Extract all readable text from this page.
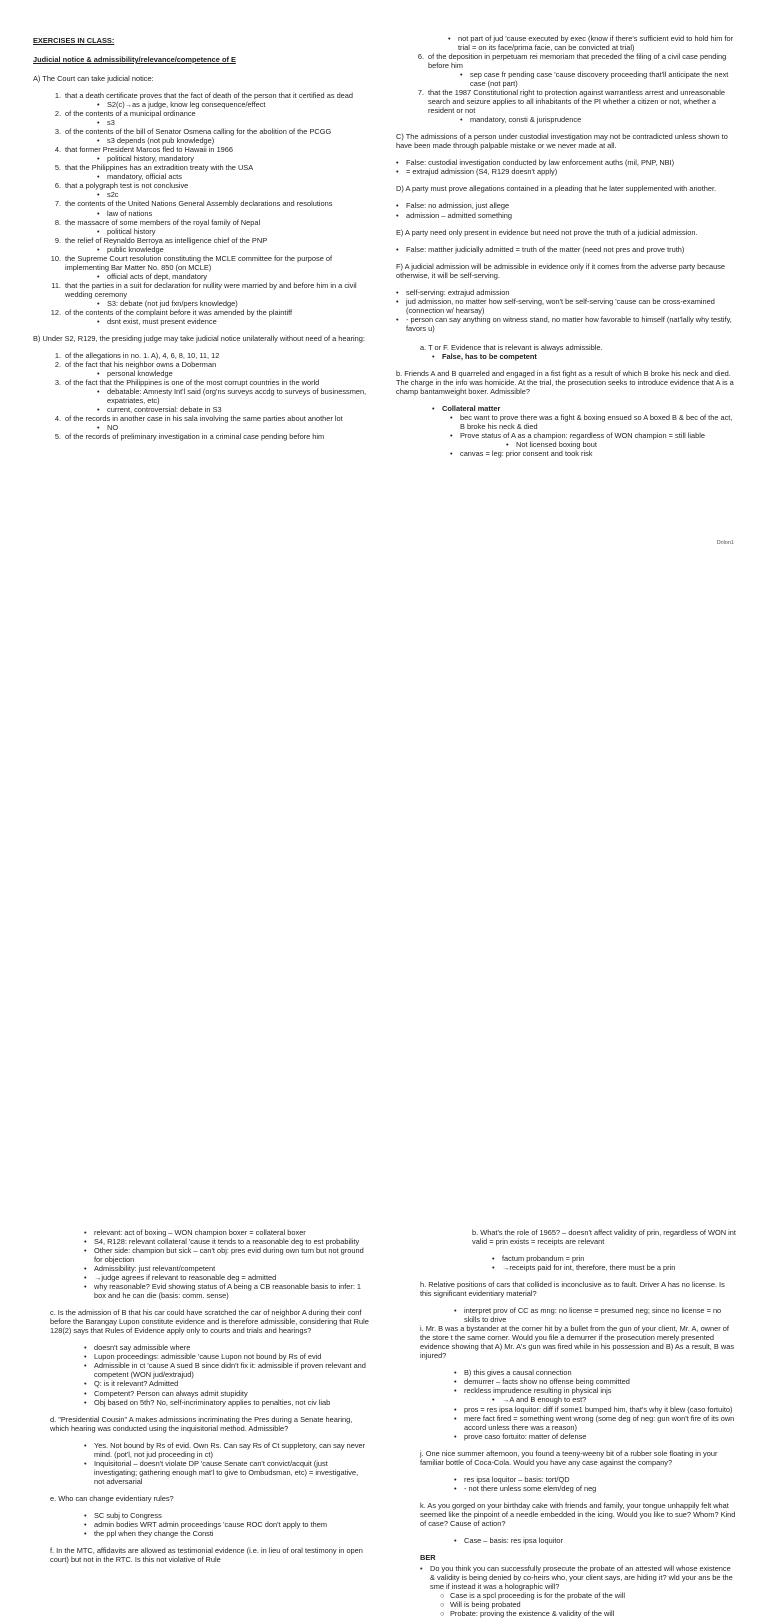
EXERCISES IN CLASS:
Judicial notice & admissibility/relevance/competence of E
A) The Court can take judicial notice:
1. that a death certificate proves that the fact of death of the person that it certified as dead
•	S2(c)→as a judge, know leg consequence/effect
2. of the contents of a municipal ordinance
•	s3
3. of the contents of the bill of Senator Osmena calling for the abolition of the PCGG
•	s3 depends (not pub knowledge)
4. that former President Marcos fled to Hawaii in 1966
•	political history, mandatory
5. that the Philippines has an extradition treaty with the USA
•	mandatory, official acts
6. that a polygraph test is not conclusive
•	s2c
7. the contents of the United Nations General Assembly declarations and resolutions
•	law of nations
8. the massacre of some members of the royal family of Nepal
•	political history
9. the relief of Reynaldo Berroya as intelligence chief of the PNP
•	public knowledge
10. the Supreme Court resolution constituting the MCLE committee for the purpose of implementing Bar Matter No. 850 (on MCLE)
•	official acts of dept, mandatory
11. that the parties in a suit for declaration for nullity were married by and before him in a civil wedding ceremony
•	S3: debate (not jud fxn/pers knowledge)
12. of the contents of the complaint before it was amended by the plaintiff
•	dsnt exist, must present evidence
B) Under S2, R129, the presiding judge may take judicial notice unilaterally without need of a hearing:
1. of the allegations in no. 1. A), 4, 6, 8, 10, 11, 12
2. of the fact that his neighbor owns a Doberman
•	personal knowledge
3. of the fact that the Philippines is one of the most corrupt countries in the world
•	debatable: Amnesty Int'l said (org'ns surveys accdg to surveys of businessmen, expatriates, etc)
•	current, controversial: debate in S3
4. of the records in another case in his sala involving the same parties about another lot
•	NO
5. of the records of preliminary investigation in a criminal case pending before him
•	not part of jud 'cause executed by exec (know if there's sufficient evid to hold him for trial = on its face/prima facie, can be convicted at trial)
6. of the deposition in perpetuam rei memoriam that preceded the filing of a civil case pending before him
•	sep case fr pending case 'cause discovery proceeding that'll anticipate the next case (not part)
7. that the 1987 Constitutional right to protection against warrantless arrest and unreasonable search and seizure applies to all inhabitants of the PI whether a citizen or not, whether a resident or not
•	mandatory, consti & jurisprudence
C) The admissions of a person under custodial investigation may not be contradicted unless shown to have been made through palpable mistake or we never made at all.
•	False: custodial investigation conducted by law enforcement auths (mil, PNP, NBI)
•	= extrajud admission (S4, R129 doesn't apply)
D) A party must prove allegations contained in a pleading that he later supplemented with another.
•	False: no admission, just allege
•	admission – admitted something
E) A party need only present in evidence but need not prove the truth of a judicial admission.
•	False: matther judicially admitted = truth of the matter (need not pres and prove truth)
F) A judicial admission will be admissible in evidence only if it comes from the adverse party because otherwise, it will be self-serving.
•	self-serving: extrajud admission
•	jud admission, no matter how self-serving, won't be self-serving 'cause can be cross-examined (connection w/ hearsay)
•	- person can say anything on witness stand, no matter how favorable to himself (nat'lally why testify, favors u)
a. T or F. Evidence that is relevant is always admissible.
•	False, has to be competent
b. Friends A and B quarreled and engaged in a fist fight as a result of which B broke his neck and died. The charge in the info was homicide. At the trial, the prosecution seeks to introduce evidence that A is a champ bantamweight boxer. Admissible?
•	Collateral matter
•	bec want to prove there was a fight & boxing ensued so A boxed B & bec of the act, B broke his neck & died
•	Prove status of A as a champion: regardless of WON champion = still liable
•	Not licensed boxing bout
•	canvas = leg: prior consent and took risk
Drilon1
•	relevant: act of boxing – WON champion boxer = collateral boxer
•	S4, R128: relevant collateral 'cause it tends to a reasonable deg to est probability
•	Other side: champion but sick – can't obj: pres evid during own turn but not ground for objection
•	Admissibility: just relevant/competent
•	→judge agrees if relevant to reasonable deg = admitted
•	why reasonable? Evid showing status of A being a CB reasonable basis to infer: 1 box and he can die (basis: comm. sense)
c. Is the admission of B that his car could have scratched the car of neighbor A during their conf before the Barangay Lupon constitute evidence and is therefore admissible, considering that Rule 128(2) says that Rules of Evidence apply only to courts and trials and hearings?
•	doesn't say admissible where
•	Lupon proceedings: admissible 'cause Lupon not bound by Rs of evid
•	Admissible in ct 'cause A sued B since didn't fix it: admissible if proven relevant and competent (WON jud/extrajud)
•	Q: is it relevant? Admitted
•	Competent? Person can always admit stupidity
•	Obj based on 5th? No, self-incriminatory applies to penalties, not civ liab
d. "Presidential Cousin" A makes admissions incriminating the Pres during a Senate hearing, which hearing was conducted using the inquisitorial method. Admissible?
•	Yes. Not bound by Rs of evid. Own Rs. Can say Rs of Ct suppletory, can say never mind. (pot'l, not jud proceeding in ct)
•	Inquisitorial – doesn't violate DP 'cause Senate can't convict/acquit (just investigating; gathering enough mat'l to give to Ombudsman, etc) = investigative, not adversarial
e. Who can change evidentiary rules?
•	SC subj to Congress
•	admin bodies WRT admin proceedings 'cause ROC don't apply to them
•	the ppl when they change the Consti
f. In the MTC, affidavits are allowed as testimonial evidence (i.e. in lieu of oral testimony in open court) but not in the RTC. Is this not violative of Rule
b. What's the role of 1965? – doesn't affect validity of prin, regardless of WON int valid = prin exists = receipts are relevant
•	factum probandum = prin
•	→receipts paid for int, therefore, there must be a prin
h. Relative positions of cars that collided is inconclusive as to fault. Driver A has no license. Is this significant evidentiary material?
•	interpret prov of CC as mng: no license = presumed neg; since no license = no skills to drive
i. Mr. B was a bystander at the corner hit by a bullet from the gun of your client, Mr. A, owner of the store t the same corner. Would you file a demurrer if the prosecution merely presented evidence showing that A) Mr. A's gun was fired while in his possession and B) As a result, B was injured?
•	B) this gives a causal connection
•	demurrer – facts show no offense being committed
•	reckless imprudence resulting in physical injs
•	→A and B enough to est?
•	pros = res ipsa loquitor: diff if some1 bumped him, that's why it blew (caso fortuito)
•	mere fact fired = something went wrong (some deg of neg: gun won't fire of its own accord unless there was a reason)
•	prove caso fortuito: matter of defense
j. One nice summer afternoon, you found a teeny-weeny bit of a rubber sole floating in your familiar bottle of Coca-Cola. Would you have any case against the company?
•	res ipsa loquitor – basis: tort/QD
•	- not there unless some elem/deg of neg
k. As you gorged on your birthday cake with friends and family, your tongue unhappily felt what seemed like the pinpoint of a needle embedded in the icing. Would you like to sue? Whom? Kind of case? Cause of action?
•	Case – basis: res ipsa loquitor
BER
•	Do you think you can successfully prosecute the probate of an attested will whose existence & validity is being denied by co-heirs who, your client says, are hiding it? wld your ans be the sme if instead it was a holographic will?
○ Case is a spcl proceeding is for the probate of the will
○ Will is being probated
○ Probate: proving the existence & validity of the will
